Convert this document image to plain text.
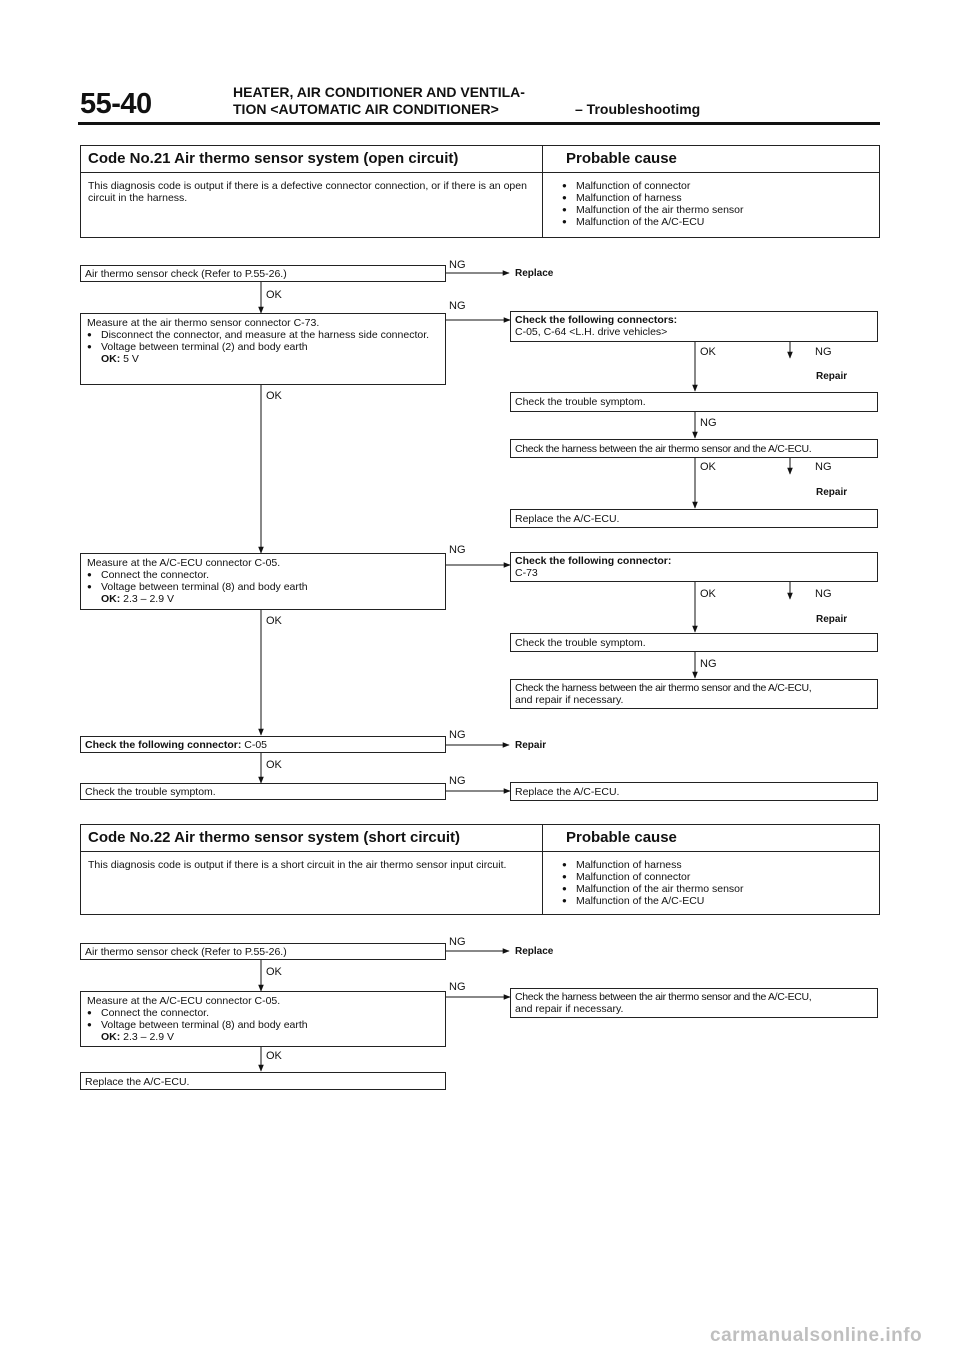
55-40	HEATER, AIR CONDITIONER AND VENTILA-
TION <AUTOMATIC AIR CONDITIONER>	– Troubleshootimg
Code No.21 Air thermo sensor system (open circuit)	Probable cause
This diagnosis code is output if there is a defective connector connection, or if there is an open circuit in the harness.
● Malfunction of connector
● Malfunction of harness
● Malfunction of the air thermo sensor
● Malfunction of the A/C-ECU
Air thermo sensor check (Refer to P.55-26.)
NG
Replace
OK
Measure at the air thermo sensor connector C-73.
● Disconnect the connector, and measure at the harness side connector.
● Voltage between terminal (2) and body earth
OK: 5 V
NG
OK
Check the following connectors:
C-05, C-64 <L.H. drive vehicles>
OK	NG
Repair
Check the trouble symptom.
NG
Check the harness between the air thermo sensor and the A/C-ECU.
OK	NG
Repair
Replace the A/C-ECU.
Measure at the A/C-ECU connector C-05.
● Connect the connector.
● Voltage between terminal (8) and body earth
OK: 2.3 – 2.9 V
NG
OK
Check the following connector:
C-73
OK	NG
Repair
Check the trouble symptom.
NG
Check the harness between the air thermo sensor and the A/C-ECU,
and repair if necessary.
Check the following connector: C-05
NG
Repair
OK
Check the trouble symptom.
NG
Replace the A/C-ECU.
Code No.22 Air thermo sensor system (short circuit)	Probable cause
This diagnosis code is output if there is a short circuit in the air thermo sensor input circuit.
●	Malfunction of harness
● Malfunction of connector
● Malfunction of the air thermo sensor
● Malfunction of the A/C-ECU
Air thermo sensor check (Refer to P.55-26.)
NG
Replace
OK
Measure at the A/C-ECU connector C-05.
● Connect the connector.
● Voltage between terminal (8) and body earth
OK: 2.3 – 2.9 V
NG
Check the harness between the air thermo sensor and the A/C-ECU,
and repair if necessary.
OK
Replace the A/C-ECU.
carmanualsonline.info
